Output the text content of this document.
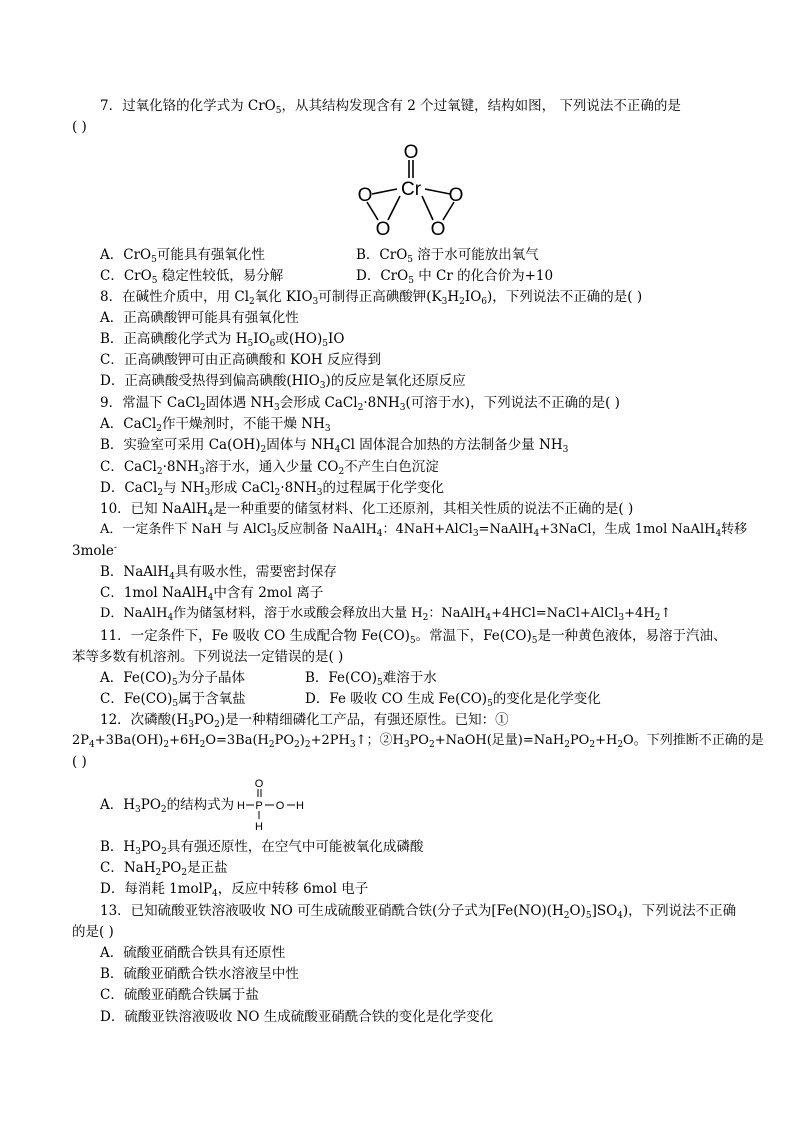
7．过氧化铬的化学式为 CrO$_5$，从其结构发现含有 2 个过氧键，结构如图， 下列说法不正确的是
( )
O
Cr
O	O
O O
A．CrO$_5$可能具有强氧化性	B．CrO$_5$ 溶于水可能放出氧气
C．CrO$_5$ 稳定性较低，易分解	D．CrO$_5$ 中 Cr 的化合价为+10
8．在碱性介质中，用 $Cl_2$氧化 $KIO_3$可制得正高碘酸钾$(K_3H_2IO_6)$，下列说法不正确的是( )
A．正高碘酸钾可能具有强氧化性
B．正高碘酸化学式为 $H_5IO_6$或$(HO)_5IO$
C．正高碘酸钾可由正高碘酸和 KOH 反应得到
D．正高碘酸受热得到偏高碘酸$(HIO_3)$的反应是氧化还原反应
9．常温下 CaCl$_2$固体遇 $NH_3$会形成 $CaCl_2\cdot 8NH_3$(可溶于水)，下列说法不正确的是( )
A．CaCl$_2$作干燥剂时，不能干燥 $NH_3$
B．实验室可采用 $Ca(OH)_2$固体与 $NH_4Cl$ 固体混合加热的方法制备少量 $NH_3$
C．$CaCl_2\cdot 8NH_3$溶于水，通入少量 $CO_2$不产生白色沉淀
D．CaCl$_2$与 $NH_3$形成 $CaCl_2\cdot 8NH_3$的过程属于化学变化
10．已知 NaAlH$_4$是一种重要的储氢材料、化工还原剂，其相关性质的说法不正确的是( )
A．一定条件下 NaH 与 AlCl$_3$反应制备 NaAlH$_4$：4NaH+AlCl$_3$=NaAlH$_4$+3NaCl，生成 1mol NaAlH$_4$转移
3mole-
B．NaAlH$_4$具有吸水性，需要密封保存
C．1mol NaAlH$_4$中含有 2mol 离子
D．NaAlH$_4$作为储氢材料，溶于水或酸会释放出大量 $H_2$：$NaAlH_4+4HCl=NaCl+AlCl_3+4H_2↑$
11．一定条件下，Fe 吸收 CO 生成配合物 $Fe(CO)_5$。常温下，$Fe(CO)_5$是一种黄色液体，易溶于汽油、
苯等多数有机溶剂。下列说法一定错误的是( )
A．$Fe(CO)_5$为分子晶体	B．$Fe(CO)_5$难溶于水
C．$Fe(CO)_5$属于含氧盐	D．Fe 吸收 CO 生成 $Fe(CO)_5$的变化是化学变化
12．次磷酸$(H_3PO_2)$是一种精细磷化工产品，有强还原性。已知：①
$2P_4+3Ba(OH)_2+6H_2O=3Ba(H_2PO_2)_2+2PH_3↑$；$②H_3PO_2+NaOH$(足量)$=NaH_2PO_2+H_2O$。下列推断不正确的是
( )
A．$H_3PO_2$的结构式为
O
H P O H
H
B．$H_3PO_2$具有强还原性，在空气中可能被氧化成磷酸
C．$NaH_2PO_2$是正盐
D．每消耗 1molP$_4$，反应中转移 6mol 电子
13．已知硫酸亚铁溶液吸收 NO 可生成硫酸亚硝酰合铁(分子式为$[Fe(NO)(H_2O)_5]SO_4$)，下列说法不正确
的是( )
A．硫酸亚硝酰合铁具有还原性
B．硫酸亚硝酰合铁水溶液呈中性
C．硫酸亚硝酰合铁属于盐
D．硫酸亚铁溶液吸收 NO 生成硫酸亚硝酰合铁的变化是化学变化
